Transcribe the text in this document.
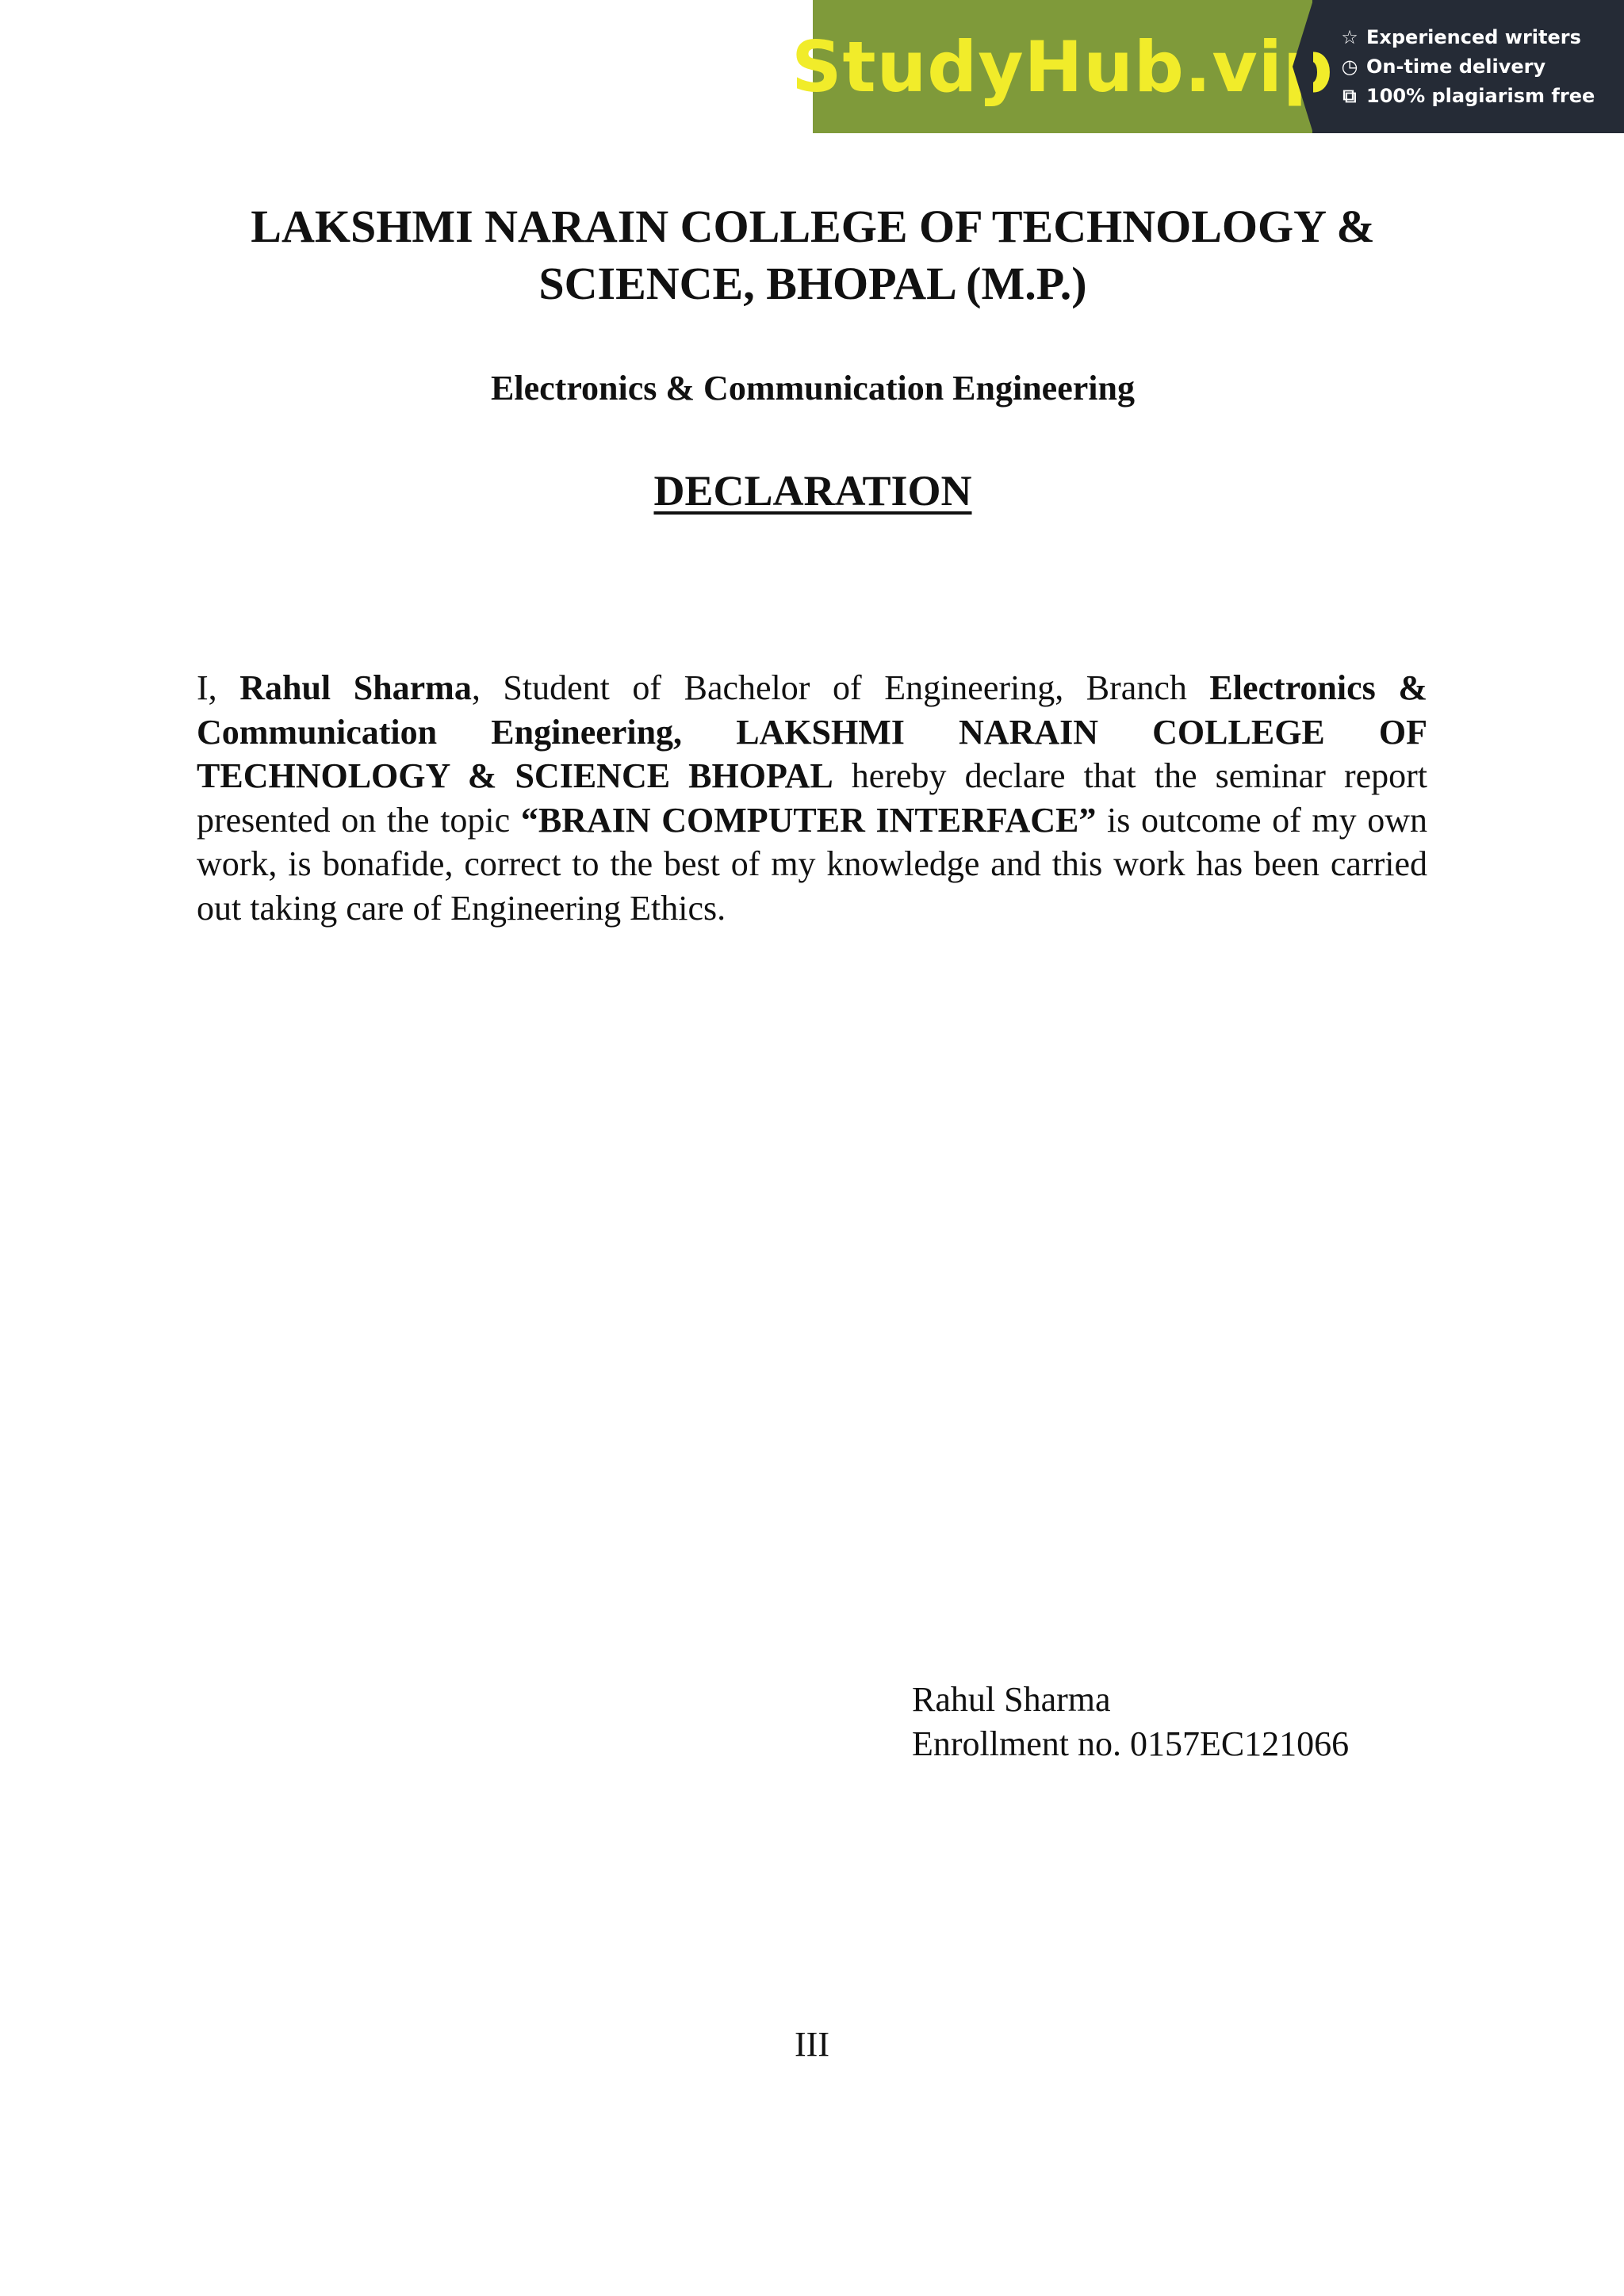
StudyHub.vip ☆ Experienced writers
◷ On-time delivery
⧉ 100% plagiarism free
LAKSHMI NARAIN COLLEGE OF TECHNOLOGY &
SCIENCE, BHOPAL (M.P.)
Electronics & Communication Engineering
DECLARATION

I, Rahul Sharma, Student of Bachelor of Engineering, Branch Electronics & Communication Engineering, LAKSHMI NARAIN COLLEGE OF TECHNOLOGY & SCIENCE BHOPAL hereby declare that the seminar report presented on the topic “BRAIN COMPUTER INTERFACE” is outcome of my own work, is bonafide, correct to the best of my knowledge and this work has been carried out taking care of Engineering Ethics.

Rahul Sharma
Enrollment no. 0157EC121066
III
